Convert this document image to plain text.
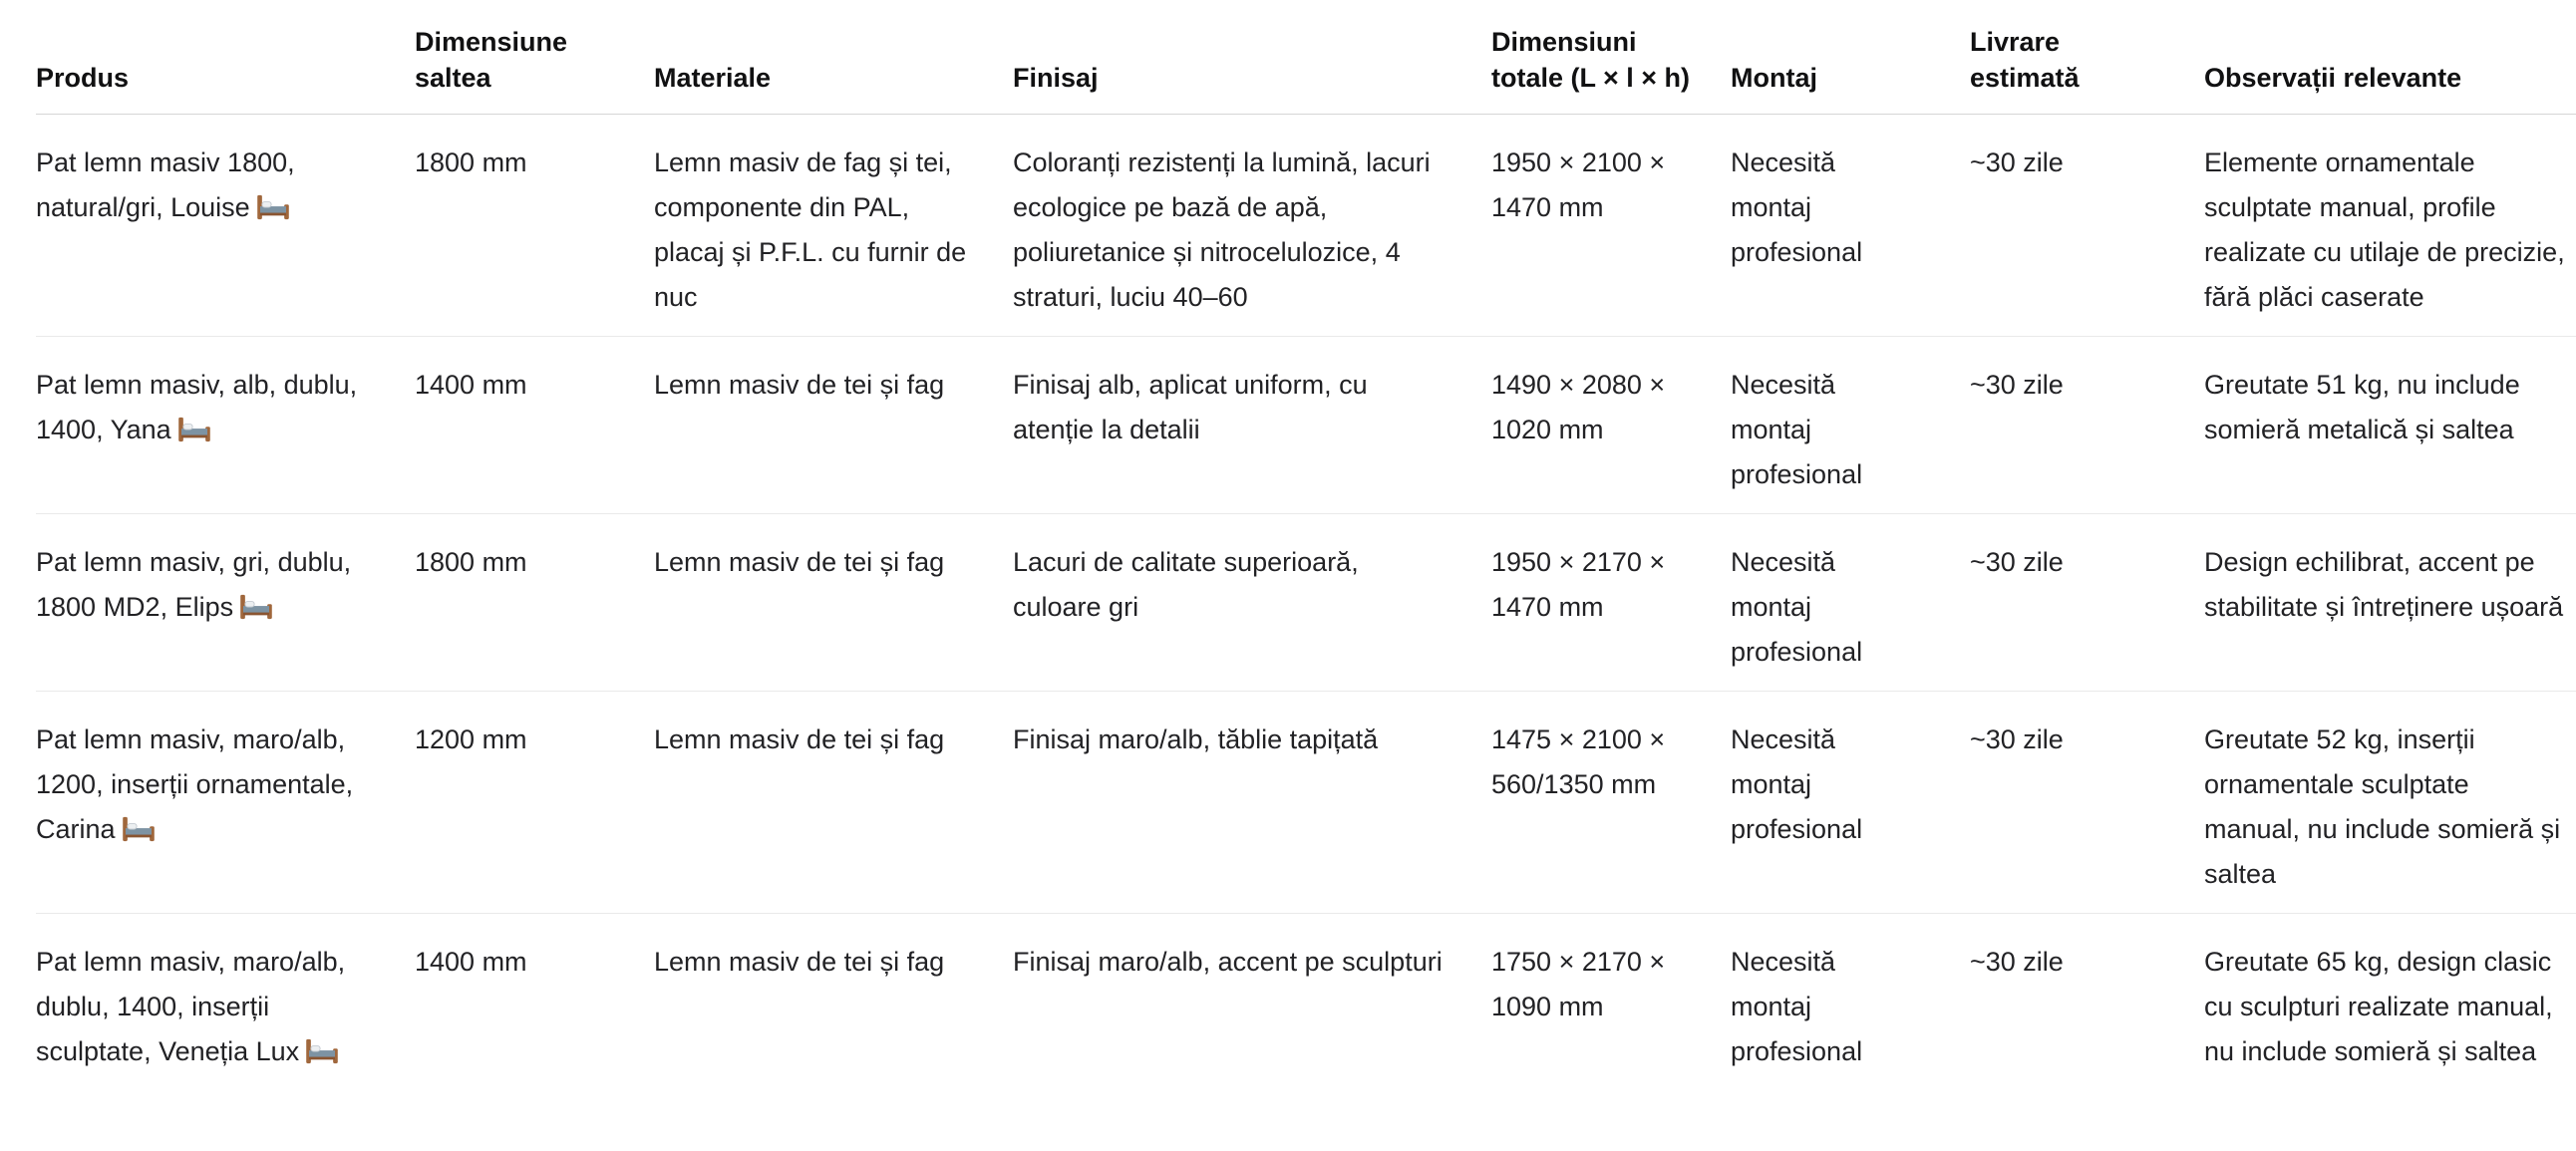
Produs	Dimensiune saltea	Materiale	Finisaj	Dimensiuni totale (L × l × h)	Montaj	Livrare estimată	Observații relevante
Pat lemn masiv 1800, natural/gri, Louise	1800 mm	Lemn masiv de fag și tei, componente din PAL, placaj și P.F.L. cu furnir de nuc	Coloranți rezistenți la lumină, lacuri ecologice pe bază de apă, poliuretanice și nitrocelulozice, 4 straturi, luciu 40–60	1950 × 2100 × 1470 mm	Necesită montaj profesional	~30 zile	Elemente ornamentale sculptate manual, profile realizate cu utilaje de precizie, fără plăci caserate
Pat lemn masiv, alb, dublu, 1400, Yana	1400 mm	Lemn masiv de tei și fag	Finisaj alb, aplicat uniform, cu atenție la detalii	1490 × 2080 × 1020 mm	Necesită montaj profesional	~30 zile	Greutate 51 kg, nu include somieră metalică și saltea
Pat lemn masiv, gri, dublu, 1800 MD2, Elips	1800 mm	Lemn masiv de tei și fag	Lacuri de calitate superioară, culoare gri	1950 × 2170 × 1470 mm	Necesită montaj profesional	~30 zile	Design echilibrat, accent pe stabilitate și întreținere ușoară
Pat lemn masiv, maro/alb, 1200, inserții ornamentale, Carina	1200 mm	Lemn masiv de tei și fag	Finisaj maro/alb, tăblie tapițată	1475 × 2100 × 560/1350 mm	Necesită montaj profesional	~30 zile	Greutate 52 kg, inserții ornamentale sculptate manual, nu include somieră și saltea
Pat lemn masiv, maro/alb, dublu, 1400, inserții sculptate, Veneția Lux	1400 mm	Lemn masiv de tei și fag	Finisaj maro/alb, accent pe sculpturi	1750 × 2170 × 1090 mm	Necesită montaj profesional	~30 zile	Greutate 65 kg, design clasic cu sculpturi realizate manual, nu include somieră și saltea
